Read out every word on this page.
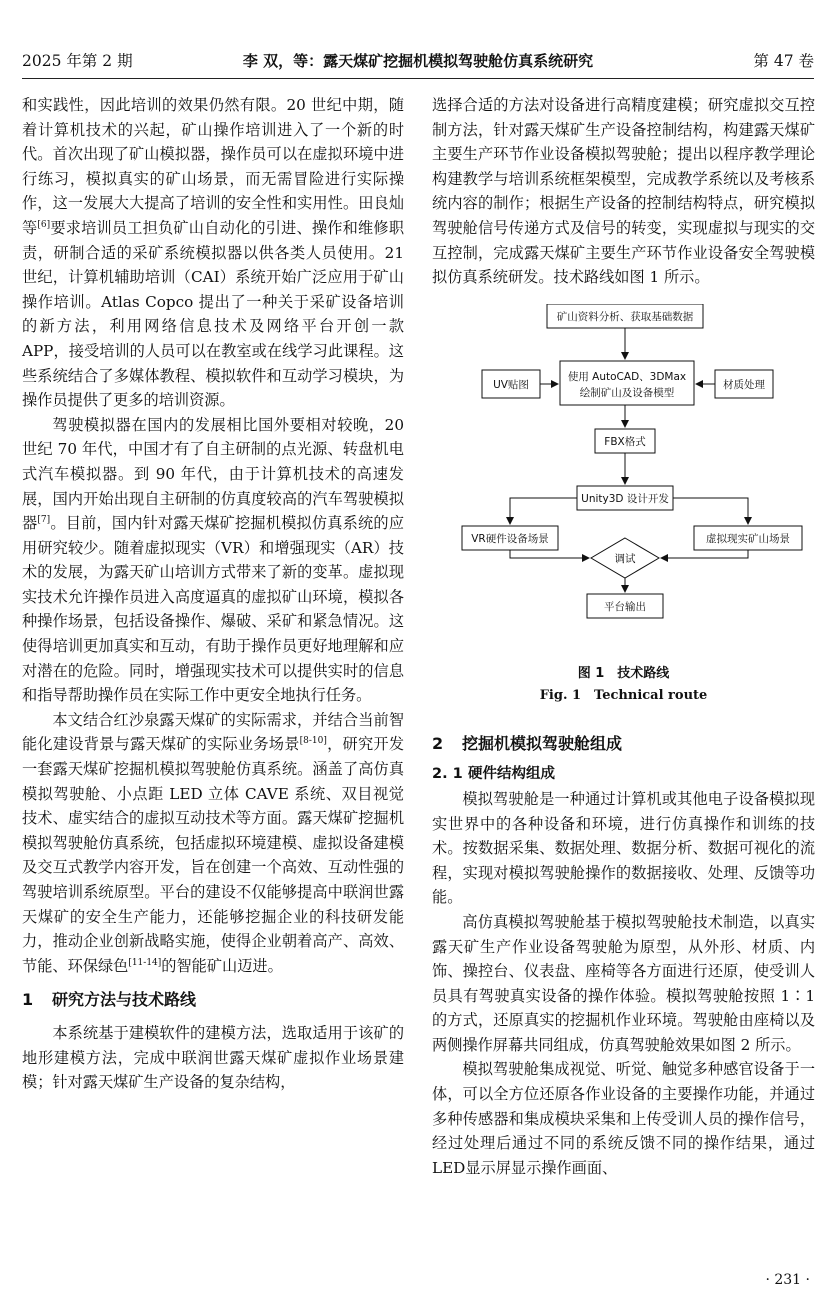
2025 年第 2 期	李 双，等：露天煤矿挖掘机模拟驾驶舱仿真系统研究	第 47 卷

和实践性，因此培训的效果仍然有限。20 世纪中期，随着计算机技术的兴起，矿山操作培训进入了一个新的时代。首次出现了矿山模拟器，操作员可以在虚拟环境中进行练习，模拟真实的矿山场景，而无需冒险进行实际操作，这一发展大大提高了培训的安全性和实用性。田良灿等[6]要求培训员工担负矿山自动化的引进、操作和维修职责，研制合适的采矿系统模拟器以供各类人员使用。21 世纪，计算机辅助培训（CAI）系统开始广泛应用于矿山操作培训。Atlas Copco 提出了一种关于采矿设备培训的新方法，利用网络信息技术及网络平台开创一款 APP，接受培训的人员可以在教室或在线学习此课程。这些系统结合了多媒体教程、模拟软件和互动学习模块，为操作员提供了更多的培训资源。

驾驶模拟器在国内的发展相比国外要相对较晚，20 世纪 70 年代，中国才有了自主研制的点光源、转盘机电式汽车模拟器。到 90 年代，由于计算机技术的高速发展，国内开始出现自主研制的仿真度较高的汽车驾驶模拟器[7]。目前，国内针对露天煤矿挖掘机模拟仿真系统的应用研究较少。随着虚拟现实（VR）和增强现实（AR）技术的发展，为露天矿山培训方式带来了新的变革。虚拟现实技术允许操作员进入高度逼真的虚拟矿山环境，模拟各种操作场景，包括设备操作、爆破、采矿和紧急情况。这使得培训更加真实和互动，有助于操作员更好地理解和应对潜在的危险。同时，增强现实技术可以提供实时的信息和指导帮助操作员在实际工作中更安全地执行任务。

本文结合红沙泉露天煤矿的实际需求，并结合当前智能化建设背景与露天煤矿的实际业务场景[8-10]，研究开发一套露天煤矿挖掘机模拟驾驶舱仿真系统。涵盖了高仿真模拟驾驶舱、小点距 LED 立体 CAVE 系统、双目视觉技术、虚实结合的虚拟互动技术等方面。露天煤矿挖掘机模拟驾驶舱仿真系统，包括虚拟环境建模、虚拟设备建模及交互式教学内容开发，旨在创建一个高效、互动性强的驾驶培训系统原型。平台的建设不仅能够提高中联润世露天煤矿的安全生产能力，还能够挖掘企业的科技研发能力，推动企业创新战略实施，使得企业朝着高产、高效、节能、环保绿色[11-14]的智能矿山迈进。

1 研究方法与技术路线

本系统基于建模软件的建模方法，选取适用于该矿的地形建模方法，完成中联润世露天煤矿虚拟作业场景建模；针对露天煤矿生产设备的复杂结构，

选择合适的方法对设备进行高精度建模；研究虚拟交互控制方法，针对露天煤矿生产设备控制结构，构建露天煤矿主要生产环节作业设备模拟驾驶舱；提出以程序教学理论构建教学与培训系统框架模型，完成教学系统以及考核系统内容的制作；根据生产设备的控制结构特点，研究模拟驾驶舱信号传递方式及信号的转变，实现虚拟与现实的交互控制，完成露天煤矿主要生产环节作业设备安全驾驶模拟仿真系统研发。技术路线如图 1 所示。

矿山资料分析、获取基础数据
UV贴图
使用 AutoCAD、3DMax
绘制矿山及设备模型
材质处理
FBX格式
Unity3D 设计开发
VR硬件设备场景	虚拟现实矿山场景
调试
平台输出
图 1　技术路线
Fig. 1　Technical route

2 挖掘机模拟驾驶舱组成

2. 1 硬件结构组成

模拟驾驶舱是一种通过计算机或其他电子设备模拟现实世界中的各种设备和环境，进行仿真操作和训练的技术。按数据采集、数据处理、数据分析、数据可视化的流程，实现对模拟驾驶舱操作的数据接收、处理、反馈等功能。

高仿真模拟驾驶舱基于模拟驾驶舱技术制造，以真实露天矿生产作业设备驾驶舱为原型，从外形、材质、内饰、操控台、仪表盘、座椅等各方面进行还原，使受训人员具有驾驶真实设备的操作体验。模拟驾驶舱按照 1∶1 的方式，还原真实的挖掘机作业环境。驾驶舱由座椅以及两侧操作屏幕共同组成，仿真驾驶舱效果如图 2 所示。

模拟驾驶舱集成视觉、听觉、触觉多种感官设备于一体，可以全方位还原各作业设备的主要操作功能，并通过多种传感器和集成模块采集和上传受训人员的操作信号，经过处理后通过不同的系统反馈不同的操作结果，通过LED显示屏显示操作画面、

· 231 ·
